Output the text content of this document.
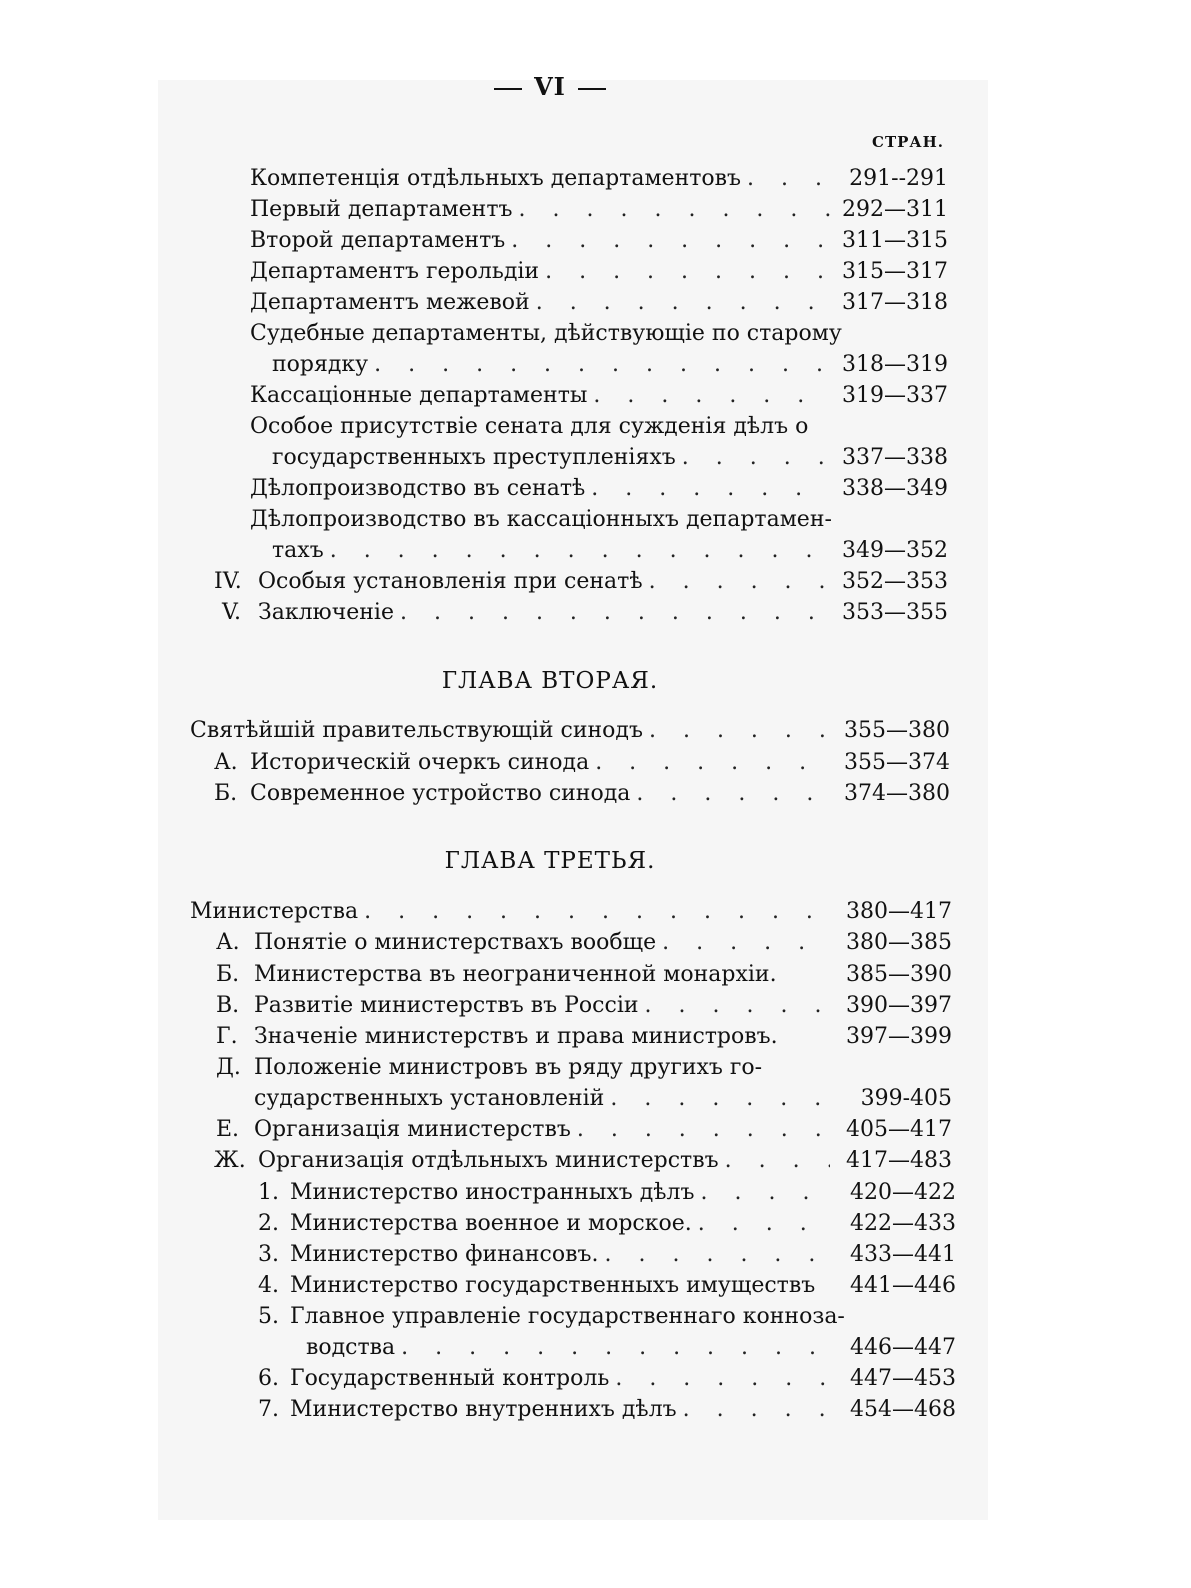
VI
СТРАН.
Компетенція отдѣльныхъ департаментовъ . . .	291--291
Первый департаментъ . . .	292—311
Второй департаментъ . . .	311—315
Департаментъ герольдіи . . .	315—317
Департаментъ межевой . . .	317—318
Судебные департаменты, дѣйствующіе по старому
порядку . . .	318—319
Кассаціонные департаменты . . .	319—337
Особое присутствіе сената для сужденія дѣлъ о
государственныхъ преступленіяхъ . . .	337—338
Дѣлопроизводство въ сенатѣ . . .	338—349
Дѣлопроизводство въ кассаціонныхъ департамен-
тахъ . . .	349—352
IV. Особыя установленія при сенатѣ . . .	352—353
V. Заключеніе . . .	353—355
ГЛАВА ВТОРАЯ.
Святѣйшій правительствующій синодъ . . .	355—380
А. Историческій очеркъ синода . . .	355—374
Б. Современное устройство синода . . .	374—380
ГЛАВА ТРЕТЬЯ.
Министерства . . .	380—417
А. Понятіе о министерствахъ вообще . . .	380—385
Б. Министерства въ неограниченной монархіи.	385—390
В. Развитіе министерствъ въ Россіи . . .	390—397
Г. Значеніе министерствъ и права министровъ.	397—399
Д. Положеніе министровъ въ ряду другихъ го-
сударственныхъ установленій . . .	399-405
Е. Организація министерствъ . . .	405—417
Ж. Организація отдѣльныхъ министерствъ . . .	417—483
1. Министерство иностранныхъ дѣлъ . . .	420—422
2. Министерства военное и морское. . . .	422—433
3. Министерство финансовъ. . . .	433—441
4. Министерство государственныхъ имуществъ	441—446
5. Главное управленіе государственнаго конноза-
водства . . .	446—447
6. Государственный контроль . . .	447—453
7. Министерство внутреннихъ дѣлъ . . .	454—468
